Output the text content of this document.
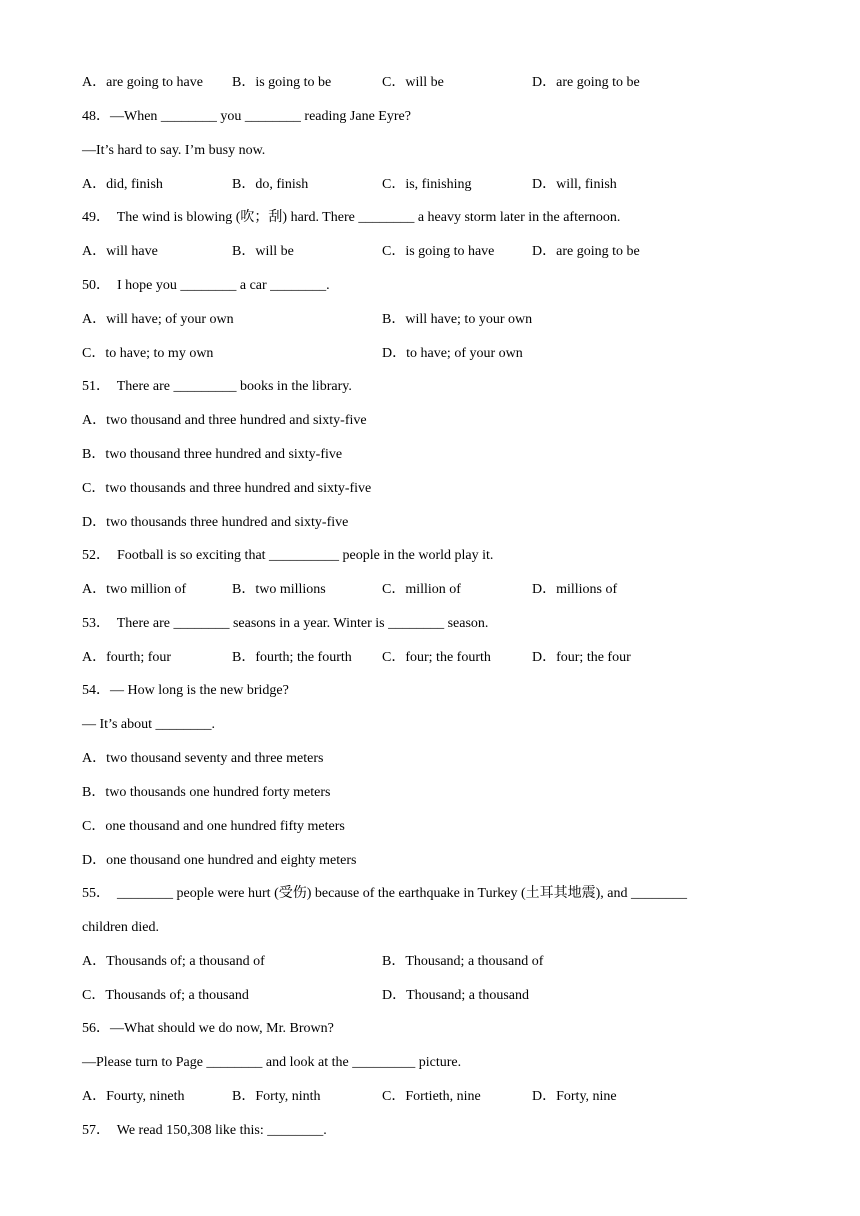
A．are going to have B．is going to be	C．will be	D．are going to be
48．—When ________ you ________ reading Jane Eyre?
—It’s hard to say. I’m busy now.
A．did, finish	B．do, finish	C．is, finishing	D．will, finish
49．  The wind is blowing (吹；刮) hard. There ________ a heavy storm later in the afternoon.
A．will have	B．will be	C．is going to have	D．are going to be
50．  I hope you ________ a car ________.
A．will have; of your own	B．will have; to your own
C．to have; to my own	D．to have; of your own
51．  There are _________ books in the library.
A．two thousand and three hundred and sixty-five
B．two thousand three hundred and sixty-five
C．two thousands and three hundred and sixty-five
D．two thousands three hundred and sixty-five
52．  Football is so exciting that __________ people in the world play it.
A．two million of	B．two millions	C．million of	D．millions of
53．  There are ________ seasons in a year. Winter is ________ season.
A．fourth; four	B．fourth; the fourth C．four; the fourth	D．four; the four
54．— How long is the new bridge?
— It’s about ________.
A．two thousand seventy and three meters
B．two thousands one hundred forty meters
C．one thousand and one hundred fifty meters
D．one thousand one hundred and eighty meters
55．  ________ people were hurt (受伤) because of the earthquake in Turkey (土耳其地震), and ________
children died.
A．Thousands of; a thousand of	B．Thousand; a thousand of
C．Thousands of; a thousand	D．Thousand; a thousand
56．—What should we do now, Mr. Brown?
—Please turn to Page ________ and look at the _________ picture.
A．Fourty, nineth	B．Forty, ninth	C．Fortieth, nine	D．Forty, nine
57．  We read 150,308 like this: ________.
